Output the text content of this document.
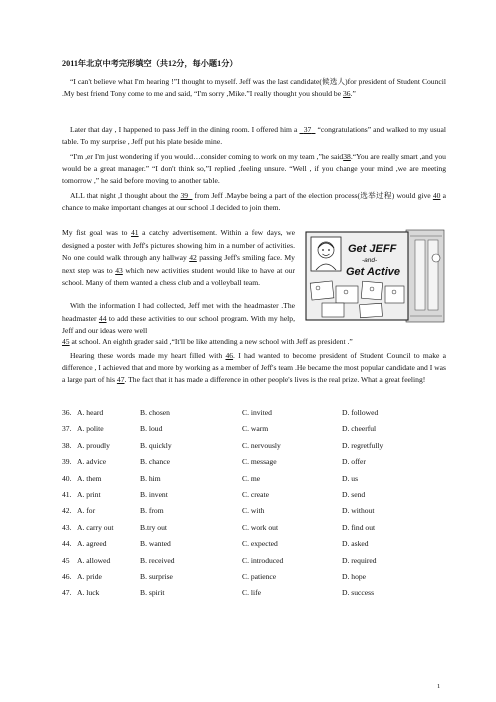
2011年北京中考完形填空（共12分，每小题1分）
“I can't believe what I'm hearing !”I thought to myself. Jeff was the last candidate(候选人)for president of Student Council .My best friend Tony come to me and said, “I'm sorry ,Mike.”I really thought you should be 36.”
Later that day , I happened to pass Jeff in the dining room. I offered him a 37 “congratulations” and walked to my usual table. To my surprise , Jeff put his plate beside mine.
“I'm ,er I'm just wondering if you would…consider coming to work on my team ,”he said38.“You are really smart ,and you would be a great manager.” “I don't think so,”I replied ,feeling unsure. “Well , if you change your mind ,we are meeting tomorrow ,” he said before moving to another table.
ALL that night ,I thought about the 39 from Jeff .Maybe being a part of the election process(选举过程) would give 40 a chance to make important changes at our school .I decided to join them.
My fist goal was to 41 a catchy advertisement. Within a few days, we designed a poster with Jeff's pictures showing him in a number of activities. No one could walk through any hallway 42 passing Jeff's smiling face. My next step was to 43 which new activities student would like to have at our school. Many of them wanted a chess club and a volleyball team.
Get JEFF
-and-
Get Active
With the information I had collected, Jeff met with the headmaster .The headmaster 44 to add these activities to our school program. With my help, Jeff and our ideas were well
45 at school. An eighth grader said ,“It'll be like attending a new school with Jeff as president .”
Hearing these words made my heart filled with 46. I had wanted to become president of Student Council to make a difference , I achieved that and more by working as a member of Jeff's team .He became the most popular candidate and I was a large part of his 47. The fact that it has made a difference in other people's lives is the real prize. What a great feeling!
36. A. heard	B. chosen	C. invited	D. followed
37. A. polite	B. loud	C. warm	D. cheerful
38. A. proudly	B. quickly	C. nervously	D. regretfully
39. A. advice	B. chance	C. message	D. offer
40. A. them	B. him	C. me	D. us
41. A. print	B. invent	C. create	D. send
42. A. for	B. from	C. with	D. without
43. A. carry out	B.try out	C. work out	D. find out
44. A. agreed	B. wanted	C. expected	D. asked
45 A. allowed	B. received	C. introduced	D. required
46. A. pride	B. surprise	C. patience	D. hope
47. A. luck	B. spirit	C. life	D. success
1
